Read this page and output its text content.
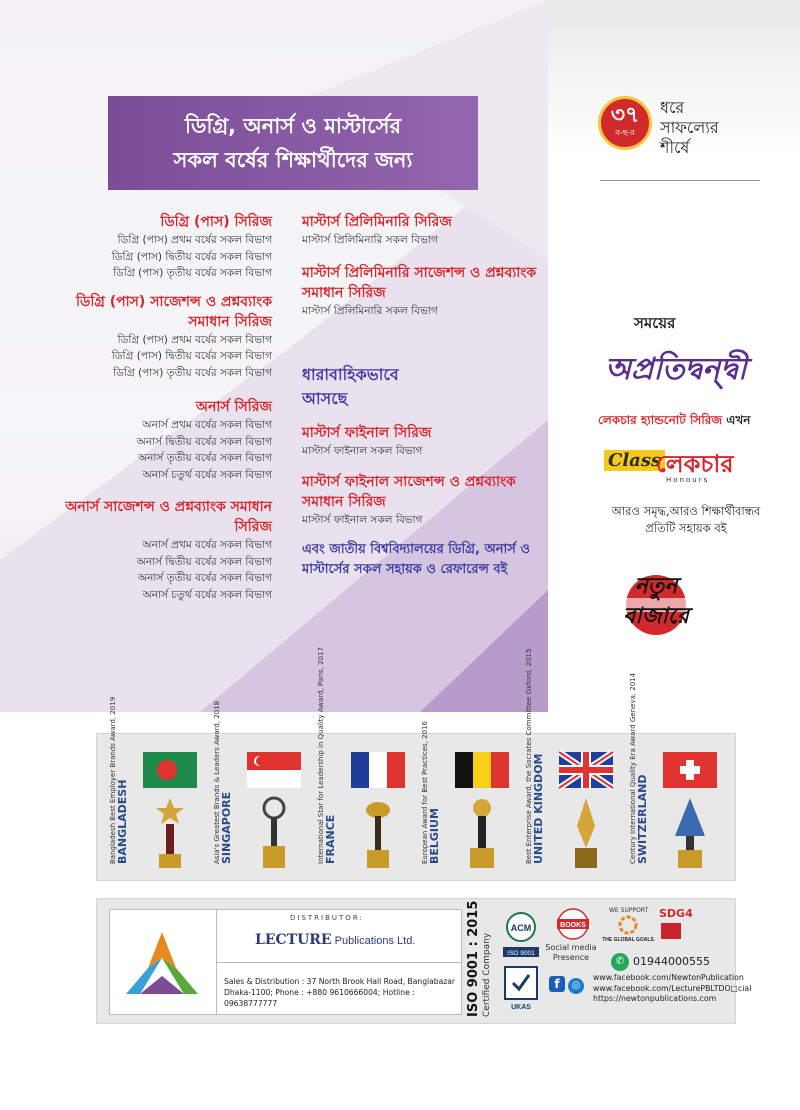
ডিগ্রি, অনার্স ও মাস্টার্সের
সকল বর্ষের শিক্ষার্থীদের জন্য
ডিগ্রি (পাস) সিরিজ
ডিগ্রি (পাস) প্রথম বর্ষের সকল বিভাগ
ডিগ্রি (পাস) দ্বিতীয় বর্ষের সকল বিভাগ
ডিগ্রি (পাস) তৃতীয় বর্ষের সকল বিভাগ
ডিগ্রি (পাস) সাজেশন্স ও প্রশ্নব্যাংক সমাধান সিরিজ
ডিগ্রি (পাস) প্রথম বর্ষের সকল বিভাগ
ডিগ্রি (পাস) দ্বিতীয় বর্ষের সকল বিভাগ
ডিগ্রি (পাস) তৃতীয় বর্ষের সকল বিভাগ
অনার্স সিরিজ
অনার্স প্রথম বর্ষের সকল বিভাগ
অনার্স দ্বিতীয় বর্ষের সকল বিভাগ
অনার্স তৃতীয় বর্ষের সকল বিভাগ
অনার্স চতুর্থ বর্ষের সকল বিভাগ
অনার্স সাজেশন্স ও প্রশ্নব্যাংক সমাধান সিরিজ
অনার্স প্রথম বর্ষের সকল বিভাগ
অনার্স দ্বিতীয় বর্ষের সকল বিভাগ
অনার্স তৃতীয় বর্ষের সকল বিভাগ
অনার্স চতুর্থ বর্ষের সকল বিভাগ
মাস্টার্স প্রিলিমিনারি সিরিজ
মাস্টার্স প্রিলিমিনারি সকল বিভাগ
মাস্টার্স প্রিলিমিনারি সাজেশন্স ও প্রশ্নব্যাংক সমাধান সিরিজ
মাস্টার্স প্রিলিমিনারি সকল বিভাগ
ধারাবাহিকভাবে
আসছে
মাস্টার্স ফাইনাল সিরিজ
মাস্টার্স ফাইনাল সকল বিভাগ
মাস্টার্স ফাইনাল সাজেশন্স ও প্রশ্নব্যাংক সমাধান সিরিজ
মাস্টার্স ফাইনাল সকল বিভাগ
এবং জাতীয় বিশ্ববিদ্যালয়ের ডিগ্রি, অনার্স ও মাস্টার্সের সকল সহায়ক ও রেফারেন্স বই
৩৭
ব-ছ-র
ধরে
সাফল্যের
শীর্ষে
সময়ের
অপ্রতিদ্বন্দ্বী
লেকচার হ্যান্ডনোট সিরিজ এখন
Class
লেকচার
Honours
আরও সমৃদ্ধ,আরও শিক্ষার্থীবান্ধব
প্রতিটি সহায়ক বই
নতুন
বাজারে
Bangladesh Best Employer Brands Award, 2019 BANGLADESH	Asia's Greatest Brands & Leaders Award, 2018 SINGAPORE	International Star for Leadership in Quality Award, Paris, 2017 FRANCE	European Award for Best Practices, 2016 BELGIUM	Best Enterprise Award, the Socrates Committee Oxford, 2015 UNITED KINGDOM	Century International Quality Era Award Geneva, 2014 SWITZERLAND
DISTRIBUTOR:
LECTURE Publications Ltd.
Sales & Distribution : 37 North Brook Hall Road, Banglabazar
Dhaka-1100; Phone : +880 9610666004; Hotline : 09638777777	ISO 9001 : 2015 Certified Company
ACM
ISO 9001
UKAS
BOOKS
Social media Presence
f ◎
WE SUPPORT
THE GLOBAL GOALS
SDG4
✆ 01944000555
www.facebook.com/NewtonPublication
www.facebook.com/LecturePBLTDO□cial
https://newtonpublications.com
